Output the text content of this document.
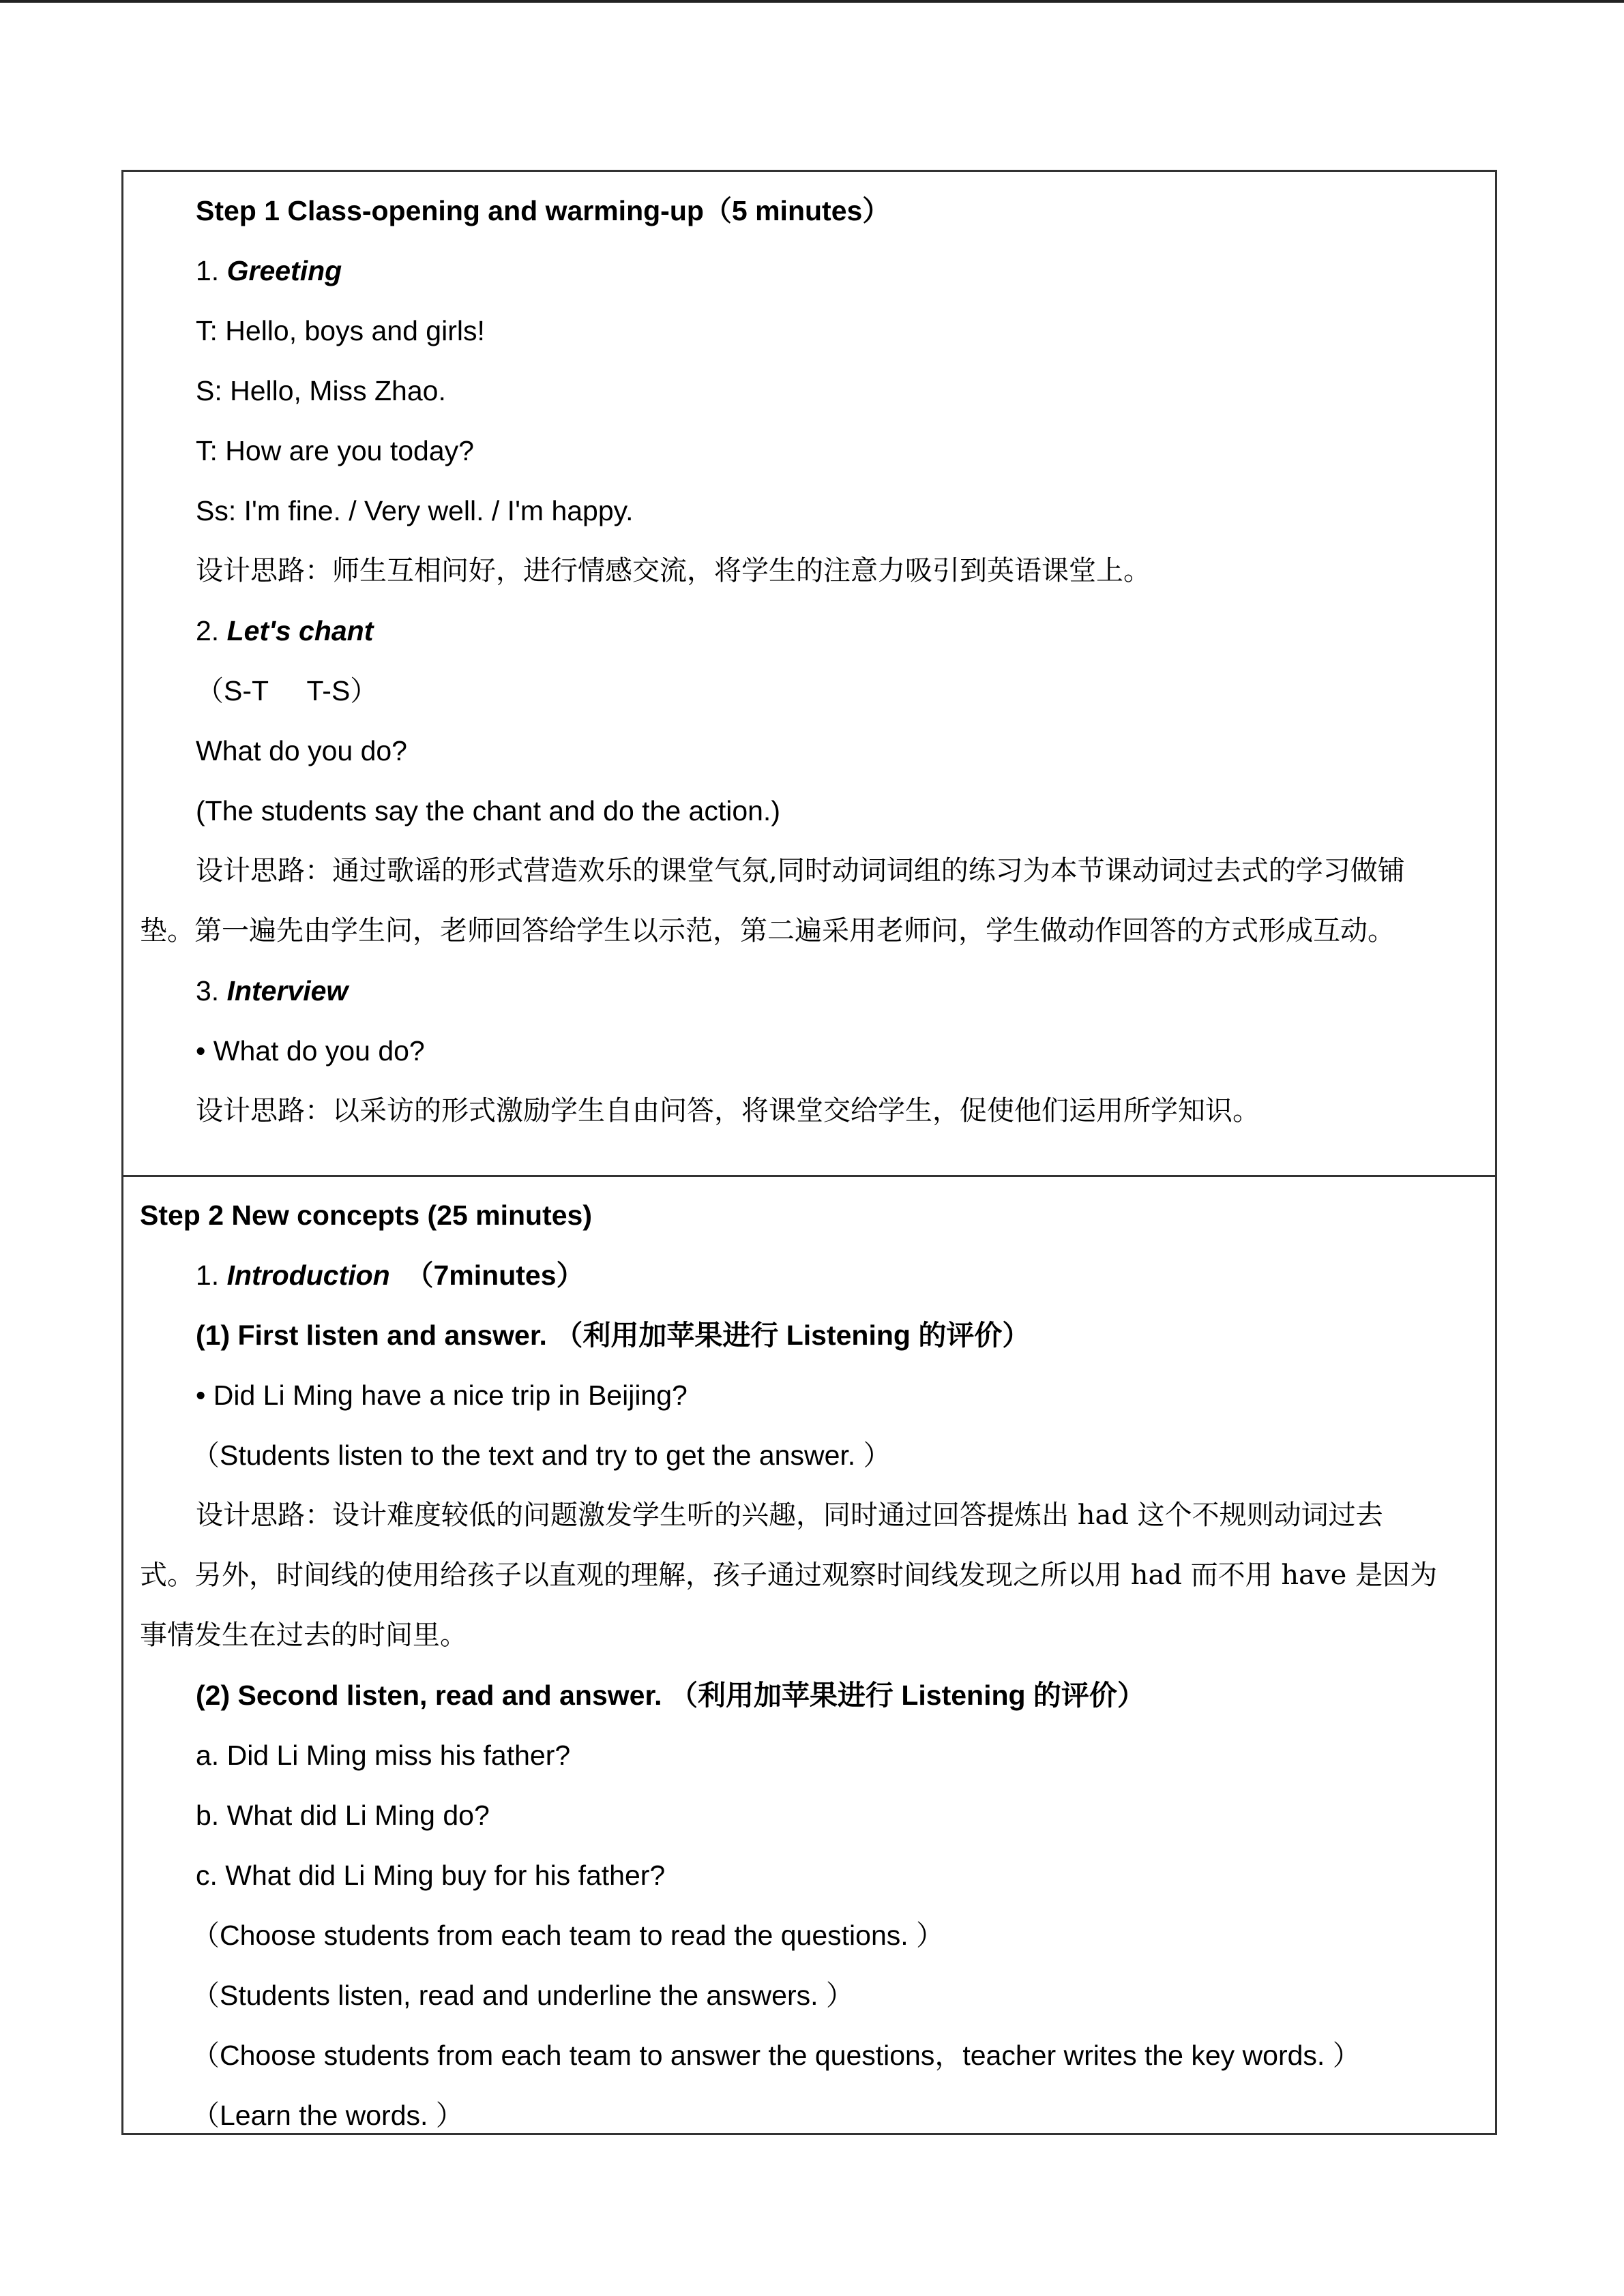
Step 1 Class-opening and warming-up（5 minutes）
1. Greeting
T: Hello, boys and girls!
S: Hello, Miss Zhao.
T: How are you today?
Ss: I'm fine. / Very well. / I'm happy.
设计思路：师生互相问好，进行情感交流，将学生的注意力吸引到英语课堂上。
2. Let's chant
（S-T     T-S）
What do you do?
(The students say the chant and do the action.)
设计思路：通过歌谣的形式营造欢乐的课堂气氛,同时动词词组的练习为本节课动词过去式的学习做铺
垫。第一遍先由学生问，老师回答给学生以示范，第二遍采用老师问，学生做动作回答的方式形成互动。
3. Interview
• What do you do?
设计思路：以采访的形式激励学生自由问答，将课堂交给学生，促使他们运用所学知识。
Step 2 New concepts (25 minutes)
1. Introduction  （7minutes）
(1) First listen and answer. （利用加苹果进行 Listening 的评价）
• Did Li Ming have a nice trip in Beijing?
（Students listen to the text and try to get the answer. ）
设计思路：设计难度较低的问题激发学生听的兴趣，同时通过回答提炼出 had 这个不规则动词过去
式。另外，时间线的使用给孩子以直观的理解，孩子通过观察时间线发现之所以用 had 而不用 have 是因为
事情发生在过去的时间里。
(2) Second listen, read and answer. （利用加苹果进行 Listening 的评价）
a. Did Li Ming miss his father?
b. What did Li Ming do?
c. What did Li Ming buy for his father?
（Choose students from each team to read the questions. ）
（Students listen, read and underline the answers. ）
（Choose students from each team to answer the questions，teacher writes the key words. ）
（Learn the words. ）
